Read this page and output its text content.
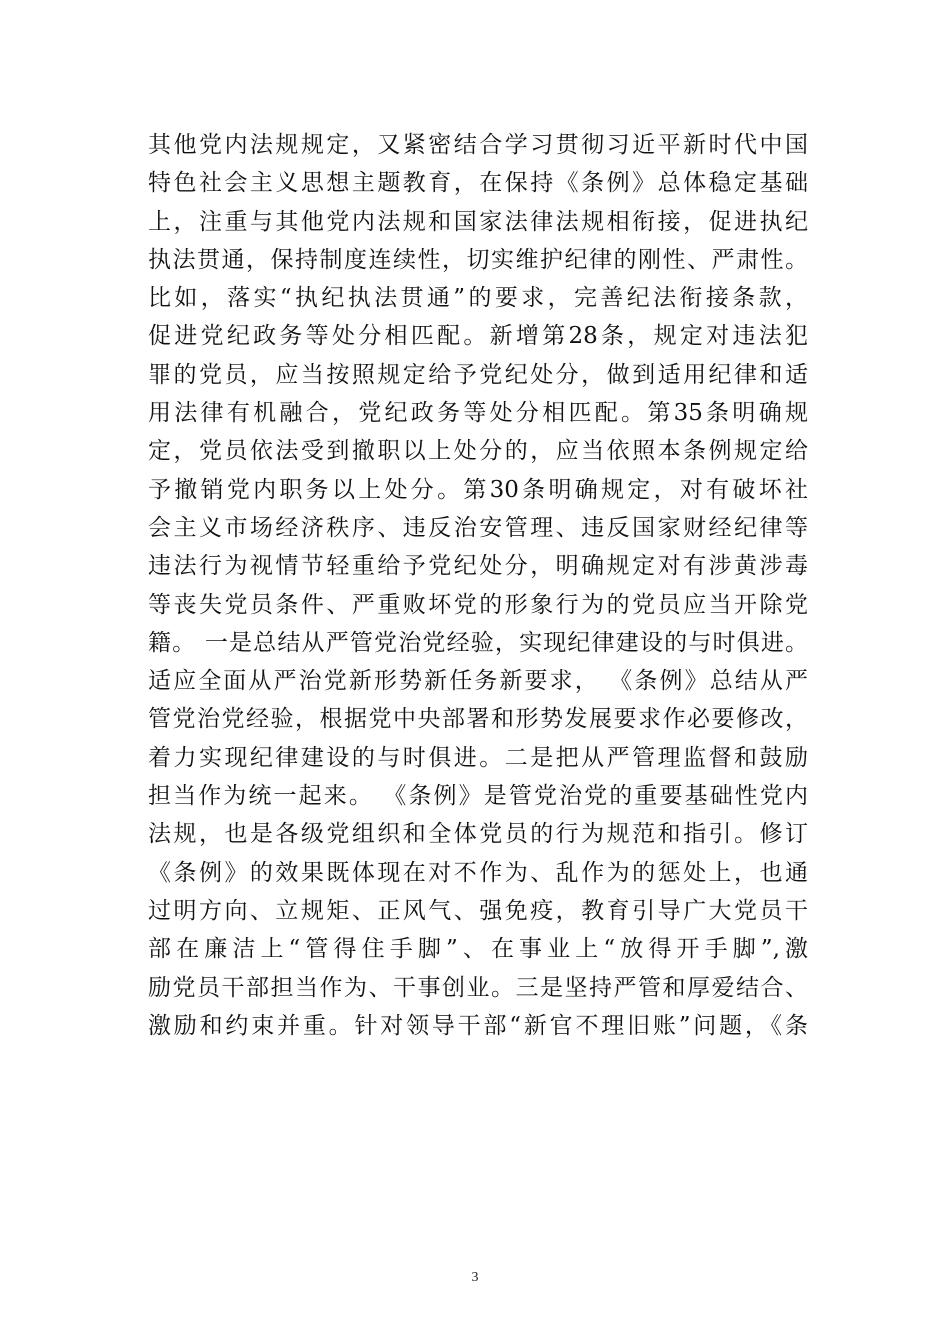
其他党内法规规定，又紧密结合学习贯彻习近平新时代中国
特色社会主义思想主题教育，在保持《条例》总体稳定基础
上，注重与其他党内法规和国家法律法规相衔接，促进执纪
执法贯通，保持制度连续性，切实维护纪律的刚性、严肃性。
比如，落实“执纪执法贯通”的要求，完善纪法衔接条款，
促进党纪政务等处分相匹配。新增第28条，规定对违法犯
罪的党员，应当按照规定给予党纪处分，做到适用纪律和适
用法律有机融合，党纪政务等处分相匹配。第35条明确规
定，党员依法受到撤职以上处分的，应当依照本条例规定给
予撤销党内职务以上处分。第30条明确规定，对有破坏社
会主义市场经济秩序、违反治安管理、违反国家财经纪律等
违法行为视情节轻重给予党纪处分，明确规定对有涉黄涉毒
等丧失党员条件、严重败坏党的形象行为的党员应当开除党
籍。 一是总结从严管党治党经验，实现纪律建设的与时俱进。
适应全面从严治党新形势新任务新要求， 《条例》总结从严
管党治党经验，根据党中央部署和形势发展要求作必要修改，
着力实现纪律建设的与时俱进。二是把从严管理监督和鼓励
担当作为统一起来。 《条例》是管党治党的重要基础性党内
法规，也是各级党组织和全体党员的行为规范和指引。修订
《条例》的效果既体现在对不作为、乱作为的惩处上，也通
过明方向、立规矩、正风气、强免疫，教育引导广大党员干
部在廉洁上“管得住手脚”、在事业上“放得开手脚”,激
励党员干部担当作为、干事创业。三是坚持严管和厚爱结合、
激励和约束并重。针对领导干部“新官不理旧账”问题，《条
3
